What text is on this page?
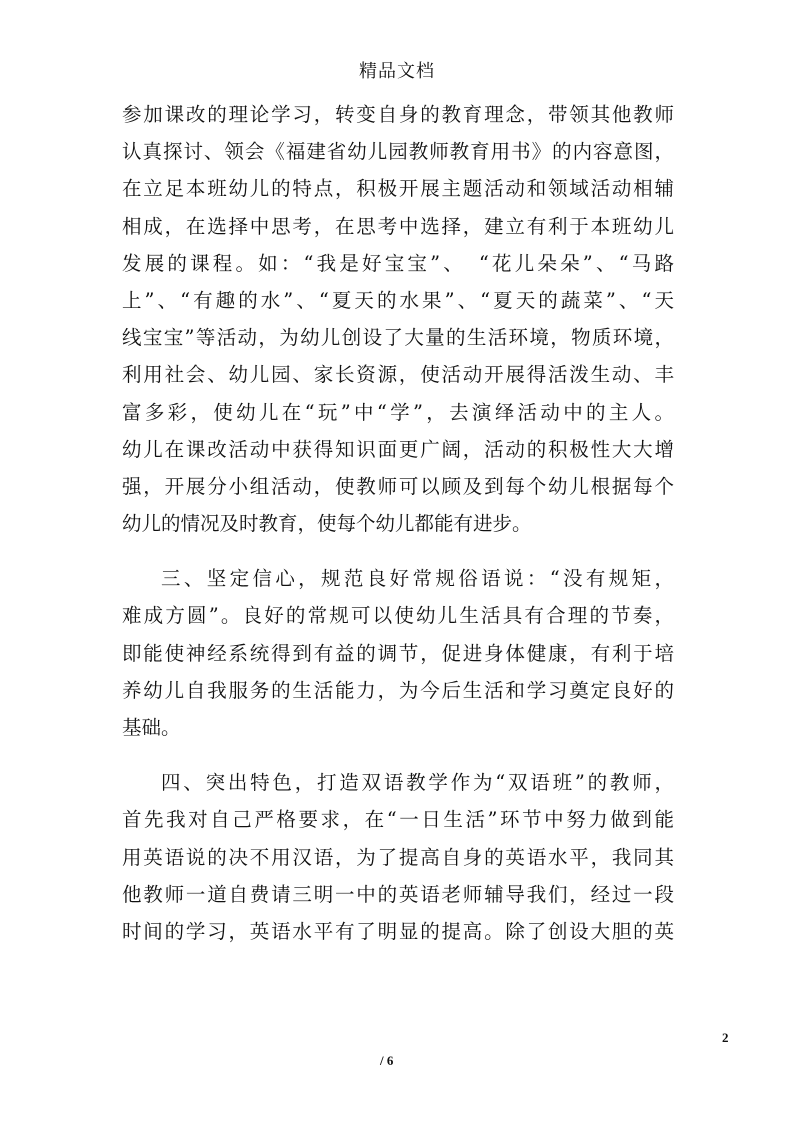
精品文档
参加课改的理论学习，转变自身的教育理念，带领其他教师
认真探讨、领会《福建省幼儿园教师教育用书》的内容意图，
在立足本班幼儿的特点，积极开展主题活动和领域活动相辅
相成，在选择中思考，在思考中选择，建立有利于本班幼儿
发展的课程。如：“我是好宝宝”、　“花儿朵朵”、“马路
上”、“有趣的水”、“夏天的水果”、“夏天的蔬菜”、“天
线宝宝”等活动，为幼儿创设了大量的生活环境，物质环境，
利用社会、幼儿园、家长资源，使活动开展得活泼生动、丰
富多彩，使幼儿在“玩”中“学”，去演绎活动中的主人。
幼儿在课改活动中获得知识面更广阔，活动的积极性大大增
强，开展分小组活动，使教师可以顾及到每个幼儿根据每个
幼儿的情况及时教育，使每个幼儿都能有进步。
三、坚定信心，规范良好常规俗语说：“没有规矩，
难成方圆”。良好的常规可以使幼儿生活具有合理的节奏，
即能使神经系统得到有益的调节，促进身体健康，有利于培
养幼儿自我服务的生活能力，为今后生活和学习奠定良好的
基础。
四、突出特色，打造双语教学作为“双语班”的教师，
首先我对自己严格要求，在“一日生活”环节中努力做到能
用英语说的决不用汉语，为了提高自身的英语水平，我同其
他教师一道自费请三明一中的英语老师辅导我们，经过一段
时间的学习，英语水平有了明显的提高。除了创设大胆的英
2
/ 6
